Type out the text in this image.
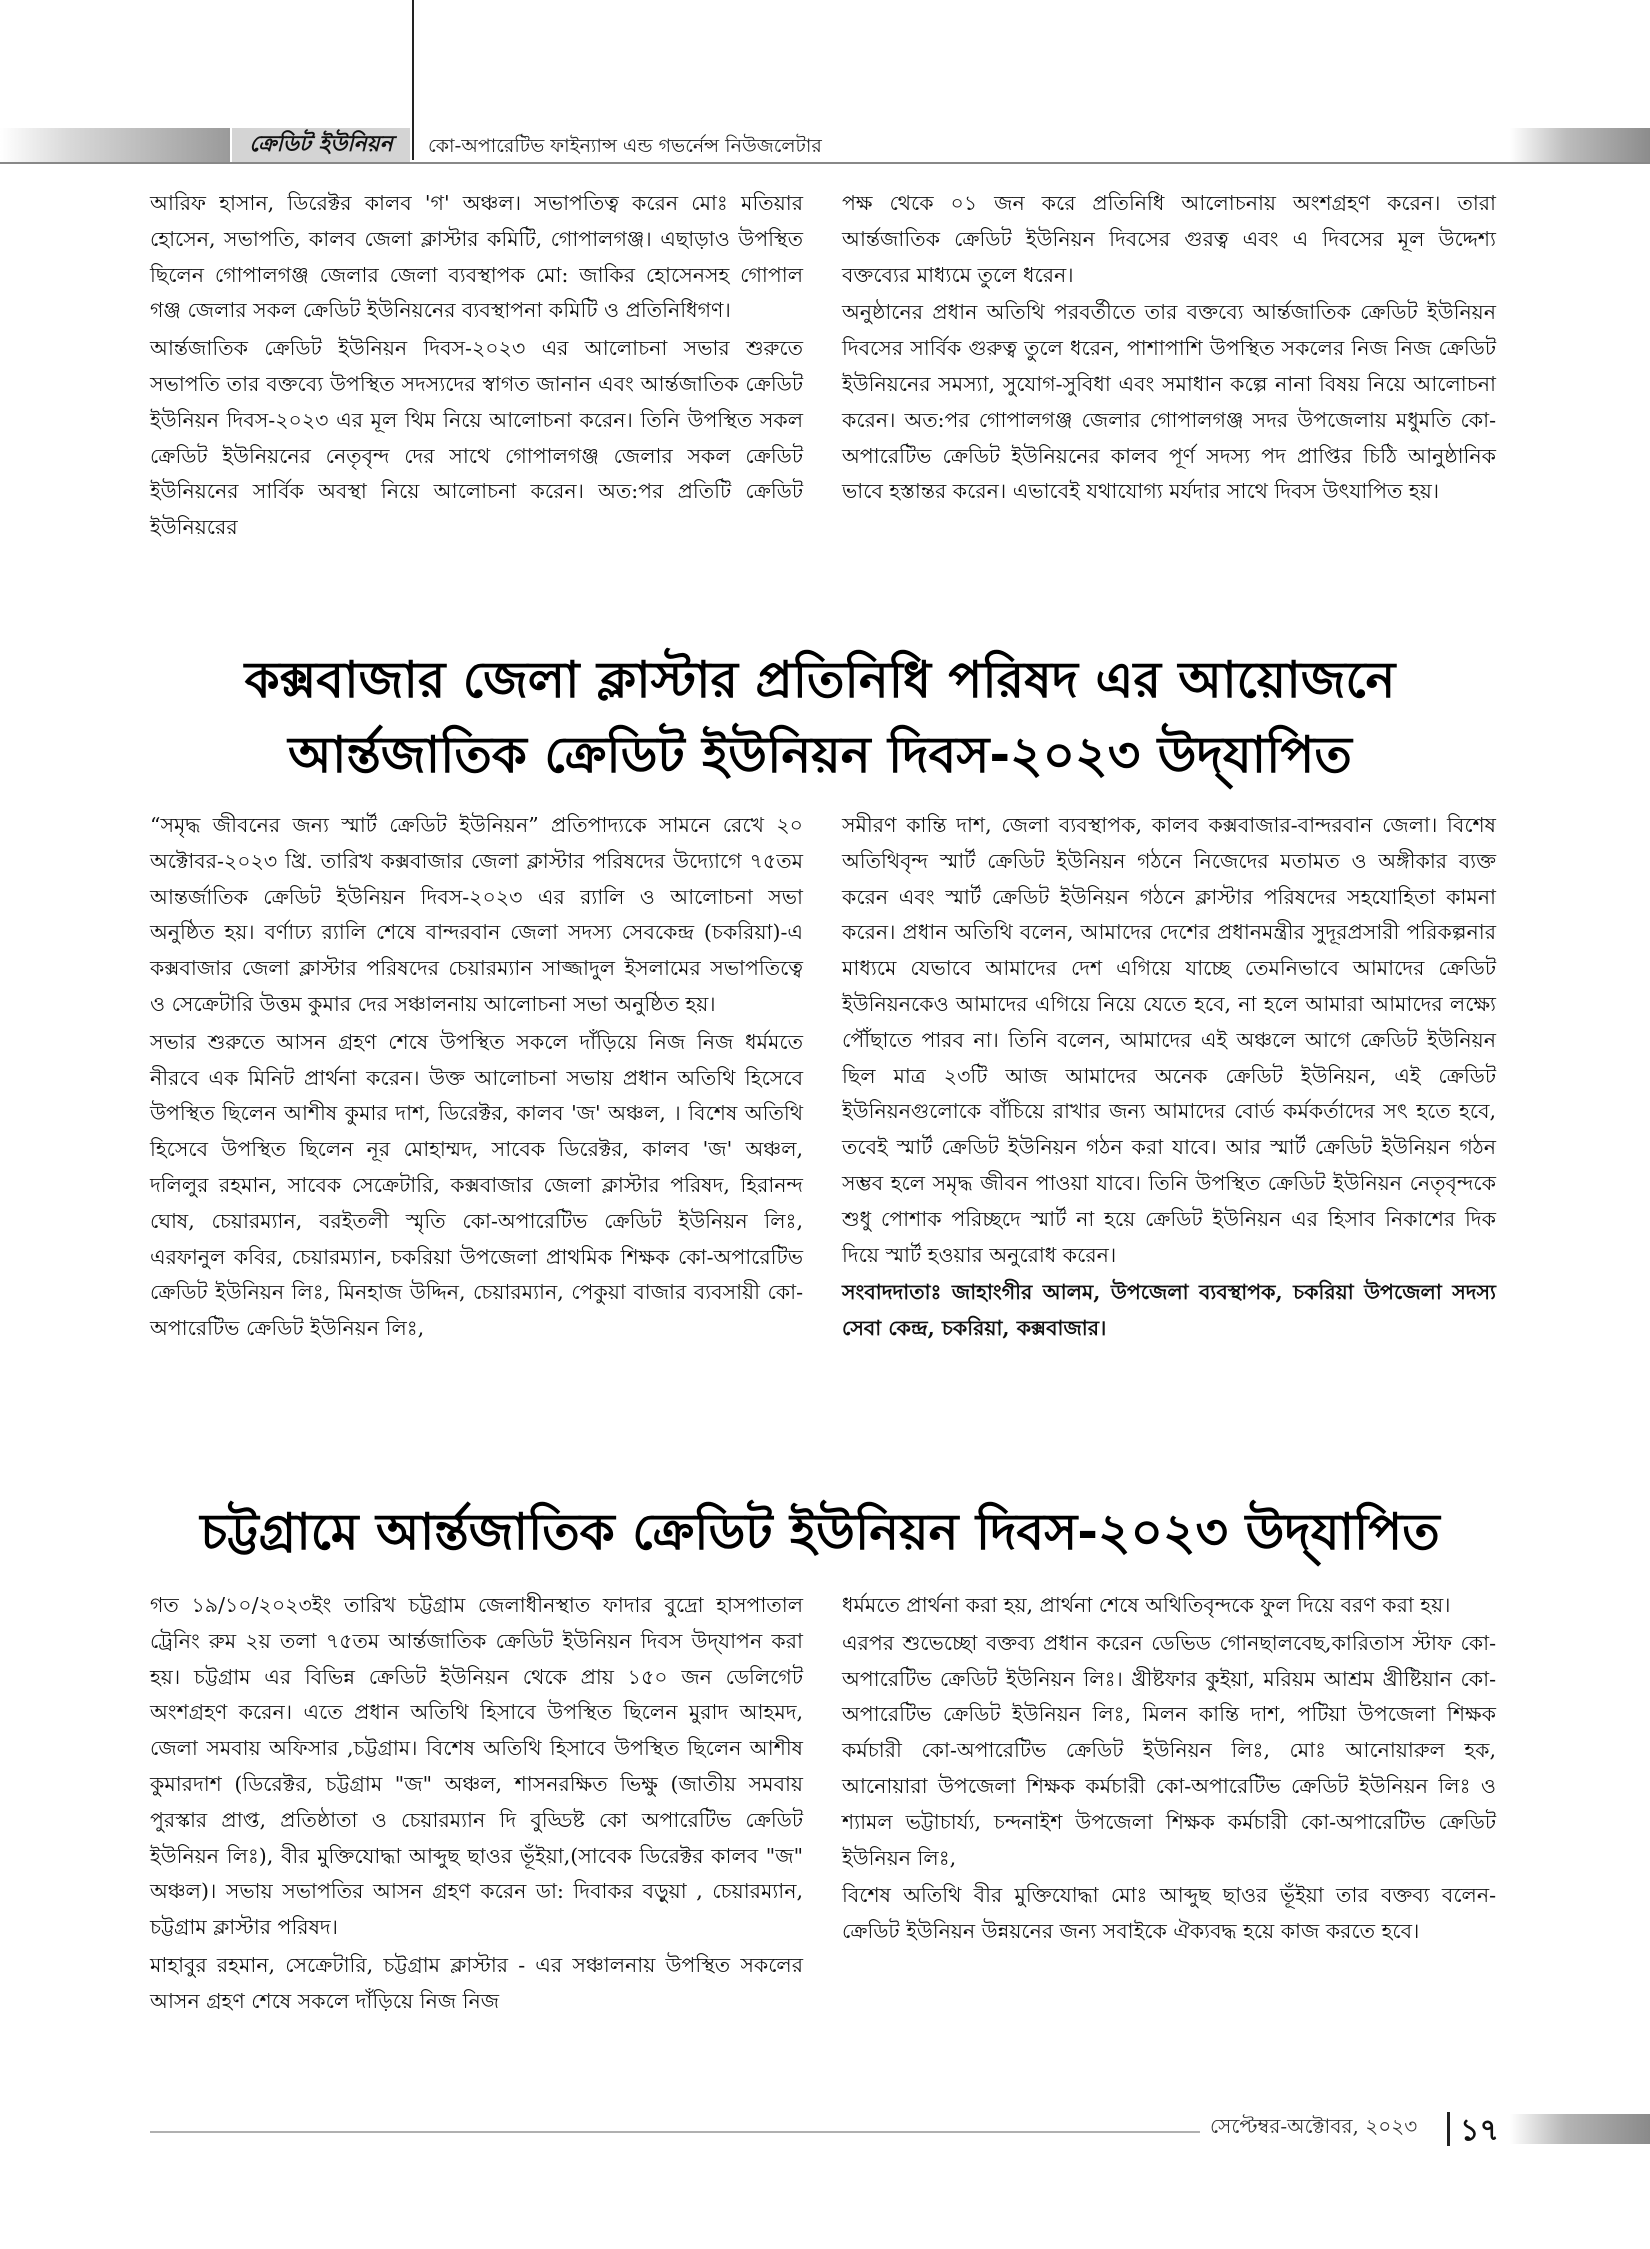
ক্রেডিট ইউনিয়ন	কো-অপারেটিভ ফাইন্যান্স এন্ড গভর্নেন্স নিউজলেটার

আরিফ হাসান, ডিরেক্টর কালব 'গ' অঞ্চল। সভাপতিত্ব করেন মোঃ মতিয়ার হোসেন, সভাপতি, কালব জেলা ক্লাস্টার কমিটি, গোপালগঞ্জ। এছাড়াও উপস্থিত ছিলেন গোপালগঞ্জ জেলার জেলা ব্যবস্থাপক মো: জাকির হোসেনসহ গোপাল গঞ্জ জেলার সকল ক্রেডিট ইউনিয়নের ব্যবস্থাপনা কমিটি ও প্রতিনিধিগণ।

আর্ন্তজাতিক ক্রেডিট ইউনিয়ন দিবস-২০২৩ এর আলোচনা সভার শুরুতে সভাপতি তার বক্তব্যে উপস্থিত সদস্যদের স্বাগত জানান এবং আর্ন্তজাতিক ক্রেডিট ইউনিয়ন দিবস-২০২৩ এর মূল থিম নিয়ে আলোচনা করেন। তিনি উপস্থিত সকল ক্রেডিট ইউনিয়নের নেতৃবৃন্দ দের সাথে গোপালগঞ্জ জেলার সকল ক্রেডিট ইউনিয়নের সার্বিক অবস্থা নিয়ে আলোচনা করেন। অত:পর প্রতিটি ক্রেডিট ইউনিয়রের

পক্ষ থেকে ০১ জন করে প্রতিনিধি আলোচনায় অংশগ্রহণ করেন। তারা আর্ন্তজাতিক ক্রেডিট ইউনিয়ন দিবসের গুরত্ব এবং এ দিবসের মূল উদ্দেশ্য বক্তব্যের মাধ্যমে তুলে ধরেন।

অনুষ্ঠানের প্রধান অতিথি পরবর্তীতে তার বক্তব্যে আর্ন্তজাতিক ক্রেডিট ইউনিয়ন দিবসের সার্বিক গুরুত্ব তুলে ধরেন, পাশাপাশি উপস্থিত সকলের নিজ নিজ ক্রেডিট ইউনিয়নের সমস্যা, সুযোগ-সুবিধা এবং সমাধান কল্পে নানা বিষয় নিয়ে আলোচনা করেন। অত:পর গোপালগঞ্জ জেলার গোপালগঞ্জ সদর উপজেলায় মধুমতি কো-অপারেটিভ ক্রেডিট ইউনিয়নের কালব পূর্ণ সদস্য পদ প্রাপ্তির চিঠি আনুষ্ঠানিক ভাবে হস্তান্তর করেন। এভাবেই যথাযোগ্য মর্যদার সাথে দিবস উৎযাপিত হয়।

কক্সবাজার জেলা ক্লাস্টার প্রতিনিধি পরিষদ এর আয়োজনে
আর্ন্তজাতিক ক্রেডিট ইউনিয়ন দিবস-২০২৩ উদ্‌যাপিত

“সমৃদ্ধ জীবনের জন্য স্মার্ট ক্রেডিট ইউনিয়ন” প্রতিপাদ্যকে সামনে রেখে ২০ অক্টোবর-২০২৩ খ্রি. তারিখ কক্সবাজার জেলা ক্লাস্টার পরিষদের উদ্যোগে ৭৫তম আন্তর্জাতিক ক্রেডিট ইউনিয়ন দিবস-২০২৩ এর র‍্যালি ও আলোচনা সভা অনুষ্ঠিত হয়। বর্ণাঢ্য র‍্যালি শেষে বান্দরবান জেলা সদস্য সেবকেন্দ্র (চকরিয়া)-এ কক্সবাজার জেলা ক্লাস্টার পরিষদের চেয়ারম্যান সাজ্জাদুল ইসলামের সভাপতিত্বে ও সেক্রেটারি উত্তম কুমার দের সঞ্চালনায় আলোচনা সভা অনুষ্ঠিত হয়।

সভার শুরুতে আসন গ্রহণ শেষে উপস্থিত সকলে দাঁড়িয়ে নিজ নিজ ধর্মমতে নীরবে এক মিনিট প্রার্থনা করেন। উক্ত আলোচনা সভায় প্রধান অতিথি হিসেবে উপস্থিত ছিলেন আশীষ কুমার দাশ, ডিরেক্টর, কালব 'জ' অঞ্চল, । বিশেষ অতিথি হিসেবে উপস্থিত ছিলেন নূর মোহাম্মদ, সাবেক ডিরেক্টর, কালব 'জ' অঞ্চল, দলিলুর রহমান, সাবেক সেক্রেটারি, কক্সবাজার জেলা ক্লাস্টার পরিষদ, হিরানন্দ ঘোষ, চেয়ারম্যান, বরইতলী স্মৃতি কো-অপারেটিভ ক্রেডিট ইউনিয়ন লিঃ, এরফানুল কবির, চেয়ারম্যান, চকরিয়া উপজেলা প্রাথমিক শিক্ষক কো-অপারেটিভ ক্রেডিট ইউনিয়ন লিঃ, মিনহাজ উদ্দিন, চেয়ারম্যান, পেকুয়া বাজার ব্যবসায়ী কো-অপারেটিভ ক্রেডিট ইউনিয়ন লিঃ,

সমীরণ কান্তি দাশ, জেলা ব্যবস্থাপক, কালব কক্সবাজার-বান্দরবান জেলা। বিশেষ অতিথিবৃন্দ স্মার্ট ক্রেডিট ইউনিয়ন গঠনে নিজেদের মতামত ও অঙ্গীকার ব্যক্ত করেন এবং স্মার্ট ক্রেডিট ইউনিয়ন গঠনে ক্লাস্টার পরিষদের সহযোহিতা কামনা করেন। প্রধান অতিথি বলেন, আমাদের দেশের প্রধানমন্ত্রীর সুদূরপ্রসারী পরিকল্পনার মাধ্যমে যেভাবে আমাদের দেশ এগিয়ে যাচ্ছে তেমনিভাবে আমাদের ক্রেডিট ইউনিয়নকেও আমাদের এগিয়ে নিয়ে যেতে হবে, না হলে আমারা আমাদের লক্ষ্যে পৌঁছাতে পারব না। তিনি বলেন, আমাদের এই অঞ্চলে আগে ক্রেডিট ইউনিয়ন ছিল মাত্র ২৩টি আজ আমাদের অনেক ক্রেডিট ইউনিয়ন, এই ক্রেডিট ইউনিয়নগুলোকে বাঁচিয়ে রাখার জন্য আমাদের বোর্ড কর্মকর্তাদের সৎ হতে হবে, তবেই স্মার্ট ক্রেডিট ইউনিয়ন গঠন করা যাবে। আর স্মার্ট ক্রেডিট ইউনিয়ন গঠন সম্ভব হলে সমৃদ্ধ জীবন পাওয়া যাবে। তিনি উপস্থিত ক্রেডিট ইউনিয়ন নেতৃবৃন্দকে শুধু পোশাক পরিচ্ছদে স্মার্ট না হয়ে ক্রেডিট ইউনিয়ন এর হিসাব নিকাশের দিক দিয়ে স্মার্ট হওয়ার অনুরোধ করেন।

সংবাদদাতাঃ জাহাংগীর আলম, উপজেলা ব্যবস্থাপক, চকরিয়া উপজেলা সদস্য সেবা কেন্দ্র, চকরিয়া, কক্সবাজার।

চট্টগ্রামে আর্ন্তজাতিক ক্রেডিট ইউনিয়ন দিবস-২০২৩ উদ্‌যাপিত

গত ১৯/১০/২০২৩ইং তারিখ চট্টগ্রাম জেলাধীনস্থাত ফাদার বুদ্রো হাসপাতাল ট্রেনিং রুম ২য় তলা ৭৫তম আর্ন্তজাতিক ক্রেডিট ইউনিয়ন দিবস উদ্‌যাপন করা হয়। চট্টগ্রাম এর বিভিন্ন ক্রেডিট ইউনিয়ন থেকে প্রায় ১৫০ জন ডেলিগেট অংশগ্রহণ করেন। এতে প্রধান অতিথি হিসাবে উপস্থিত ছিলেন মুরাদ আহমদ, জেলা সমবায় অফিসার ,চট্টগ্রাম। বিশেষ অতিথি হিসাবে উপস্থিত ছিলেন আশীষ কুমারদাশ (ডিরেক্টর, চট্টগ্রাম "জ" অঞ্চল, শাসনরক্ষিত ভিক্ষু (জাতীয় সমবায় পুরস্কার প্রাপ্ত, প্রতিষ্ঠাতা ও চেয়ারম্যান দি বুড্ডিষ্ট কো অপারেটিভ ক্রেডিট ইউনিয়ন লিঃ), বীর মুক্তিযোদ্ধা আব্দুছ ছাওর ভূঁইয়া,(সাবেক ডিরেক্টর কালব "জ" অঞ্চল)। সভায় সভাপতির আসন গ্রহণ করেন ডা: দিবাকর বড়ুয়া , চেয়ারম্যান, চট্টগ্রাম ক্লাস্টার পরিষদ।

মাহাবুর রহমান, সেক্রেটারি, চট্টগ্রাম ক্লাস্টার - এর সঞ্চালনায় উপস্থিত সকলের আসন গ্রহণ শেষে সকলে দাঁড়িয়ে নিজ নিজ

ধর্মমতে প্রার্থনা করা হয়, প্রার্থনা শেষে অথিতিবৃন্দকে ফুল দিয়ে বরণ করা হয়।

এরপর শুভেচ্ছো বক্তব্য প্রধান করেন ডেভিড গোনছালবেছ,কারিতাস স্টাফ কো-অপারেটিভ ক্রেডিট ইউনিয়ন লিঃ। খ্রীষ্টফার কুইয়া, মরিয়ম আশ্রম খ্রীষ্টিয়ান কো-অপারেটিভ ক্রেডিট ইউনিয়ন লিঃ, মিলন কান্তি দাশ, পটিয়া উপজেলা শিক্ষক কর্মচারী কো-অপারেটিভ ক্রেডিট ইউনিয়ন লিঃ, মোঃ আনোয়ারুল হক, আনোয়ারা উপজেলা শিক্ষক কর্মচারী কো-অপারেটিভ ক্রেডিট ইউনিয়ন লিঃ ও শ্যামল ভট্টাচার্য্য, চন্দনাইশ উপজেলা শিক্ষক কর্মচারী কো-অপারেটিভ ক্রেডিট ইউনিয়ন লিঃ,

বিশেষ অতিথি বীর মুক্তিযোদ্ধা মোঃ আব্দুছ ছাওর ভূঁইয়া তার বক্তব্য বলেন- ক্রেডিট ইউনিয়ন উন্নয়নের জন্য সবাইকে ঐক্যবদ্ধ হয়ে কাজ করতে হবে।

সেপ্টেম্বর-অক্টোবর, ২০২৩ ১৭
